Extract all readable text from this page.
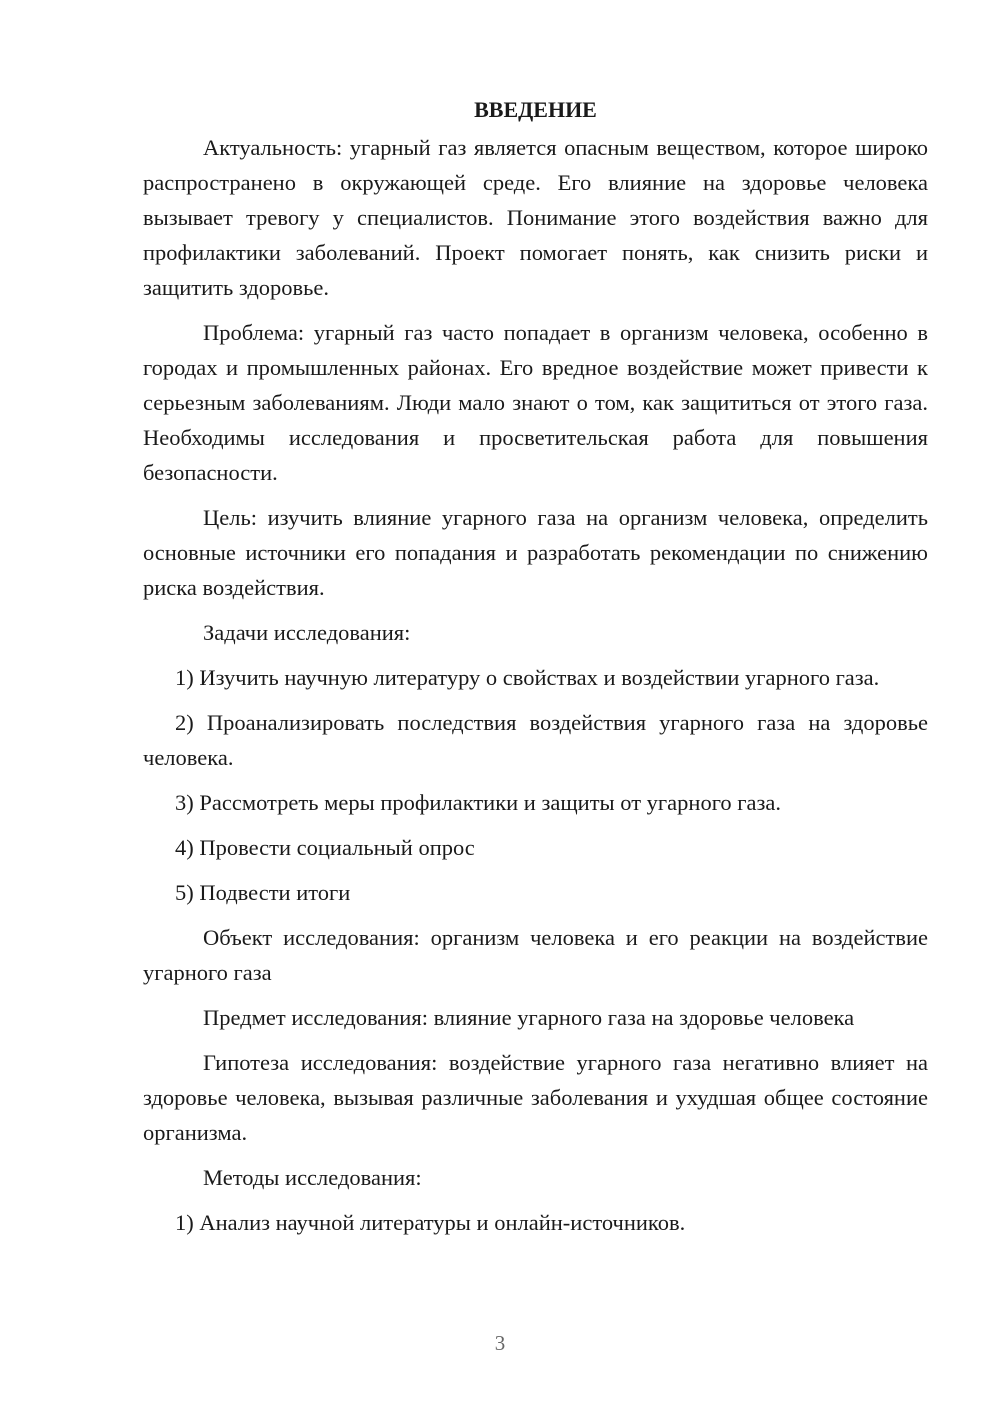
ВВЕДЕНИЕ

Актуальность: угарный газ является опасным веществом, которое широко распространено в окружающей среде. Его влияние на здоровье человека вызывает тревогу у специалистов. Понимание этого воздействия важно для профилактики заболеваний. Проект помогает понять, как снизить риски и защитить здоровье.

Проблема: угарный газ часто попадает в организм человека, особенно в городах и промышленных районах. Его вредное воздействие может привести к серьезным заболеваниям. Люди мало знают о том, как защититься от этого газа. Необходимы исследования и просветительская работа для повышения безопасности.

Цель: изучить влияние угарного газа на организм человека, определить основные источники его попадания и разработать рекомендации по снижению риска воздействия.

Задачи исследования:

1) Изучить научную литературу о свойствах и воздействии угарного газа.

2) Проанализировать последствия воздействия угарного газа на здоровье человека.

3) Рассмотреть меры профилактики и защиты от угарного газа.

4) Провести социальный опрос

5) Подвести итоги

Объект исследования: организм человека и его реакции на воздействие угарного газа

Предмет исследования: влияние угарного газа на здоровье человека

Гипотеза исследования: воздействие угарного газа негативно влияет на здоровье человека, вызывая различные заболевания и ухудшая общее состояние организма.

Методы исследования:

1) Анализ научной литературы и онлайн-источников.

3
